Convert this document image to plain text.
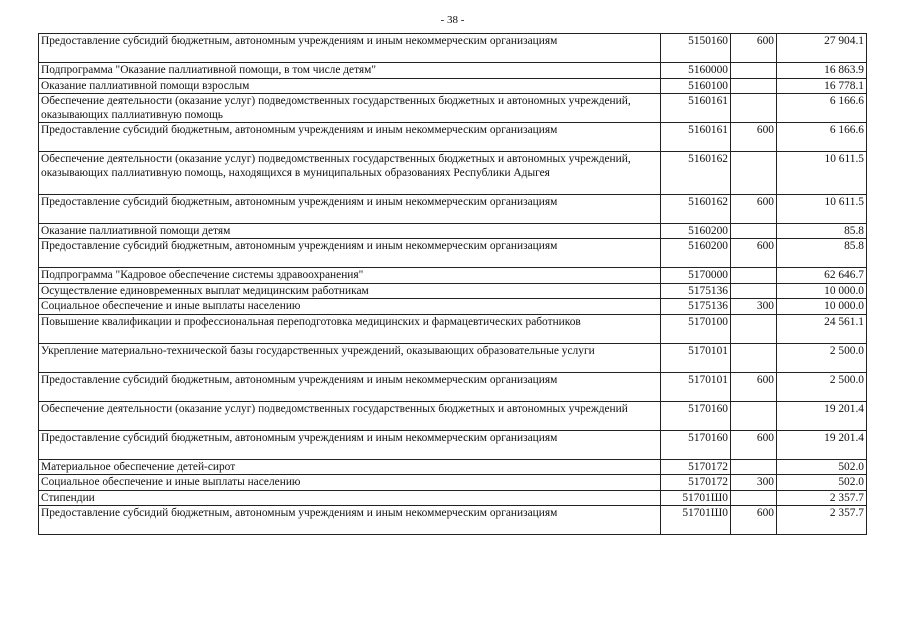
- 38 -
Предоставление субсидий бюджетным, автономным учреждениям и иным некоммерческим организациям	5150160	600	27 904.1
Подпрограмма "Оказание паллиативной помощи, в том числе детям"	5160000		16 863.9
Оказание паллиативной помощи взрослым	5160100		16 778.1
Обеспечение деятельности (оказание услуг) подведомственных государственных бюджетных и автономных учреждений, оказывающих паллиативную помощь	5160161		6 166.6
Предоставление субсидий бюджетным, автономным учреждениям и иным некоммерческим организациям	5160161	600	6 166.6
Обеспечение деятельности (оказание услуг) подведомственных государственных бюджетных и автономных учреждений, оказывающих паллиативную помощь, находящихся в муниципальных образованиях Республики Адыгея	5160162		10 611.5
Предоставление субсидий бюджетным, автономным учреждениям и иным некоммерческим организациям	5160162	600	10 611.5
Оказание паллиативной помощи детям	5160200		85.8
Предоставление субсидий бюджетным, автономным учреждениям и иным некоммерческим организациям	5160200	600	85.8
Подпрограмма "Кадровое обеспечение системы здравоохранения"	5170000		62 646.7
Осуществление единовременных выплат медицинским работникам	5175136		10 000.0
Социальное обеспечение и иные выплаты населению	5175136	300	10 000.0
Повышение квалификации и профессиональная переподготовка медицинских и фармацевтических работников	5170100		24 561.1
Укрепление материально-технической базы государственных учреждений, оказывающих образовательные услуги	5170101		2 500.0
Предоставление субсидий бюджетным, автономным учреждениям и иным некоммерческим организациям	5170101	600	2 500.0
Обеспечение деятельности (оказание услуг) подведомственных государственных бюджетных и автономных учреждений	5170160		19 201.4
Предоставление субсидий бюджетным, автономным учреждениям и иным некоммерческим организациям	5170160	600	19 201.4
Материальное обеспечение детей-сирот	5170172		502.0
Социальное обеспечение и иные выплаты населению	5170172	300	502.0
Стипендии	51701Ш0		2 357.7
Предоставление субсидий бюджетным, автономным учреждениям и иным некоммерческим организациям	51701Ш0	600	2 357.7
